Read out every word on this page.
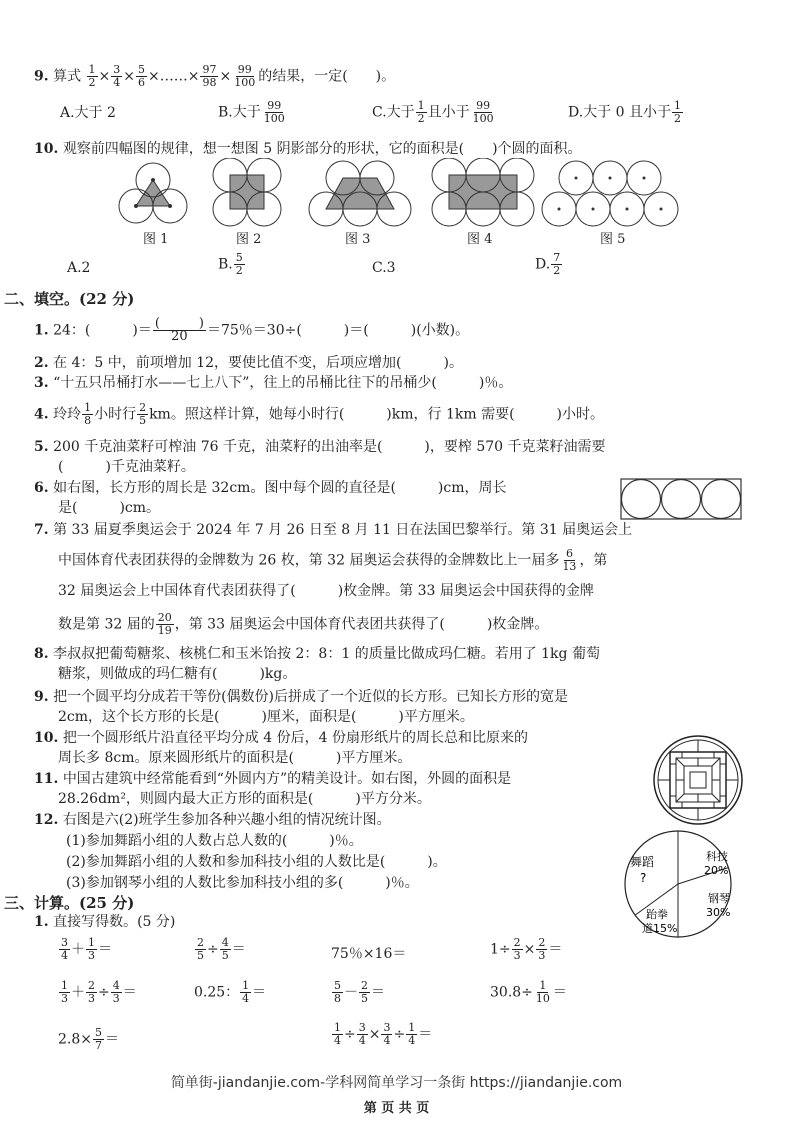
9. 算式 $\frac{1}{2} \times \frac{3}{4} \times \frac{5}{6}$ ×……× $\frac{97}{98} \times \frac{99}{100}$ 的结果，一定(　　)。
A.大于 2	B.大于 $\frac{99}{100}$	C.大于 $\frac{1}{2}$ 且小于 $\frac{99}{100}$	D.大于 0 且小于 $\frac{1}{2}$
10. 观察前四幅图的规律，想一想图 5 阴影部分的形状，它的面积是(　　)个圆的面积。
图 1	图 2	图 3	图 4	图 5
A.2	B. $\frac{5}{2}$	C.3	D. $\frac{7}{2}$
二、填空。(22 分)
1. 24：(　　　)＝ $\frac{( )}{20} =75$％＝30÷(　　　)＝(　　　)(小数)。
2. 在 4：5 中，前项增加 12，要使比值不变，后项应增加(　　　)。
3. “十五只吊桶打水——七上八下”，往上的吊桶比往下的吊桶少(　　　)％。
4. 玲玲 $\frac{1}{8}$ 小时行 $\frac{2}{5}$ km。照这样计算，她每小时行(　　　)km，行 1km 需要(　　　)小时。
5. 200 千克油菜籽可榨油 76 千克，油菜籽的出油率是(　　　)，要榨 570 千克菜籽油需要
(　　　)千克油菜籽。
6. 如右图，长方形的周长是 32cm。图中每个圆的直径是(　　　)cm，周长
是(　　　)cm。
7. 第 33 届夏季奥运会于 2024 年 7 月 26 日至 8 月 11 日在法国巴黎举行。第 31 届奥运会上
中国体育代表团获得的金牌数为 26 枚，第 32 届奥运会获得的金牌数比上一届多 $\frac{6}{13}$ ，第
32 届奥运会上中国体育代表团获得了(　　　)枚金牌。第 33 届奥运会中国获得的金牌
数是第 32 届的 $\frac{20}{19}$ ，第 33 届奥运会中国体育代表团共获得了(　　　)枚金牌。
8. 李叔叔把葡萄糖浆、核桃仁和玉米饴按 2：8：1 的质量比做成玛仁糖。若用了 1kg 葡萄
糖浆，则做成的玛仁糖有(　　　)kg。
9. 把一个圆平均分成若干等份(偶数份)后拼成了一个近似的长方形。已知长方形的宽是
2cm，这个长方形的长是(　　　)厘米，面积是(　　　)平方厘米。
10. 把一个圆形纸片沿直径平均分成 4 份后，4 份扇形纸片的周长总和比原来的
周长多 8cm。原来圆形纸片的面积是(　　　)平方厘米。
11. 中国古建筑中经常能看到“外圆内方”的精美设计。如右图，外圆的面积是
28.26dm²，则圆内最大正方形的面积是(　　　)平方分米。
12. 右图是六(2)班学生参加各种兴趣小组的情况统计图。
(1)参加舞蹈小组的人数占总人数的(　　　)％。
(2)参加舞蹈小组的人数和参加科技小组的人数比是(　　　)。
(3)参加钢琴小组的人数比参加科技小组的多(　　　)％。
科技
20%
钢琴
30%
跆拳
道15%
舞蹈
?
三、计算。(25 分)
1. 直接写得数。(5 分)
$\frac{3}{4} + \frac{1}{3}$ ＝	$\frac{2}{5} \div \frac{4}{5}$ ＝	75％×16＝	$1\div \frac{2}{3} \times \frac{2}{3}$ ＝
$\frac{1}{3} + \frac{2}{3} \div \frac{4}{3}$ ＝	0.25： $\frac{1}{4}$ ＝	$\frac{5}{8} - \frac{2}{5}$ ＝	$30.8\div \frac{1}{10}$ ＝
$2.8\times \frac{5}{7}$ ＝	$\frac{1}{4} \div \frac{3}{4} \times \frac{3}{4} \div \frac{1}{4}$ ＝
简单街-jiandanjie.com-学科网简单学习一条街 https://jiandanjie.com
第 页 共 页
